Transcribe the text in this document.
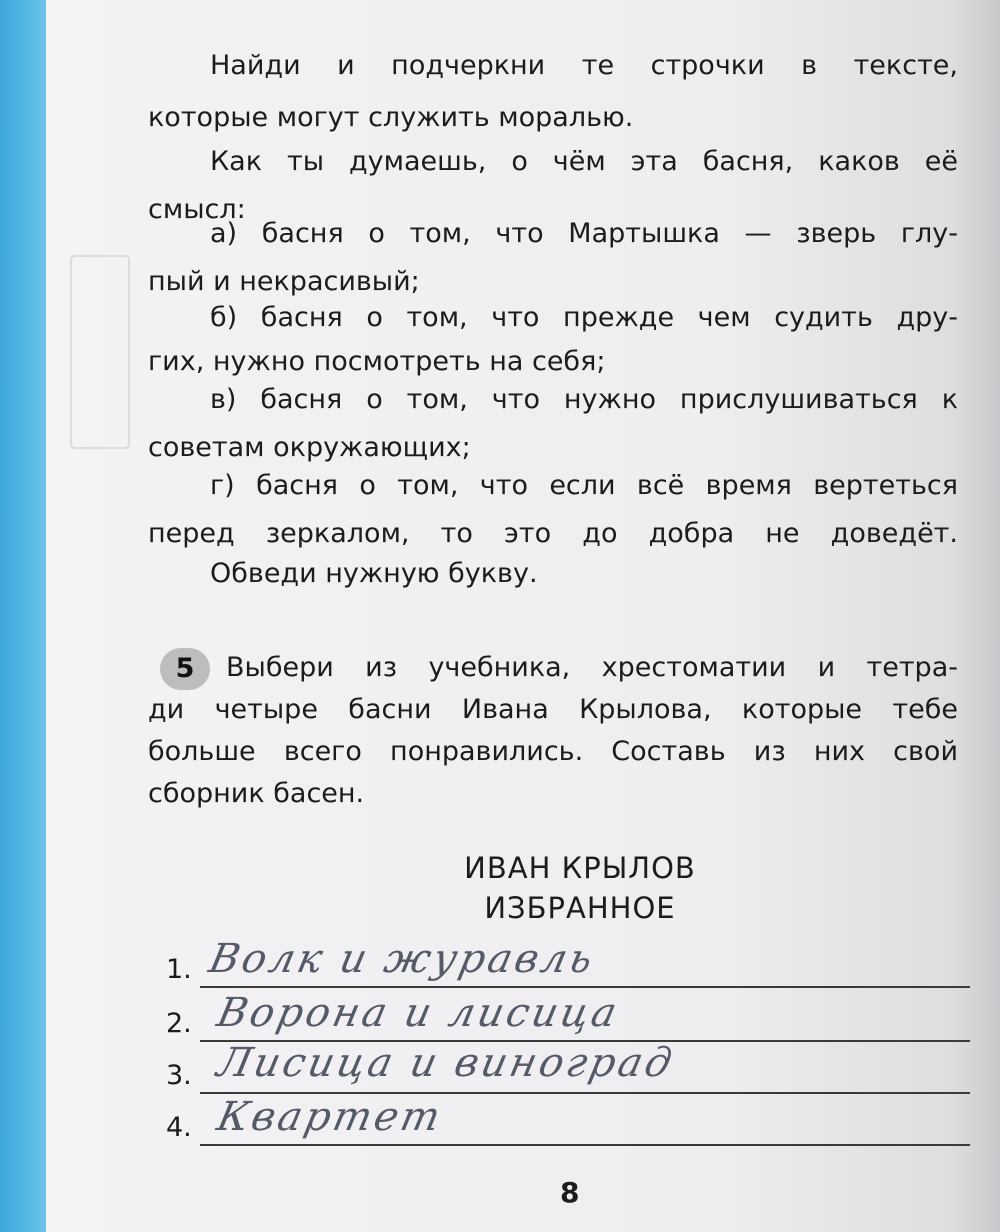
Найди и подчеркни те строчки в тексте,

которые могут служить моралью.

Как ты думаешь, о чём эта басня, каков её

смысл:

а) басня о том, что Мартышка — зверь глу-

пый и некрасивый;

б) басня о том, что прежде чем судить дру-

гих, нужно посмотреть на себя;

в) басня о том, что нужно прислушиваться к

советам окружающих;

г) басня о том, что если всё время вертеться

перед зеркалом, то это до добра не доведёт.

Обведи нужную букву.

5	Выбери из учебника, хрестоматии и тетра-

ди четыре басни Ивана Крылова, которые тебе

больше всего понравились. Составь из них свой

сборник басен.

ИВАН КРЫЛОВ
ИЗБРАННОЕ
1. Волк и журавль
2. Ворона и лисица
3. Лисица и виноград
4. Квартет
8
